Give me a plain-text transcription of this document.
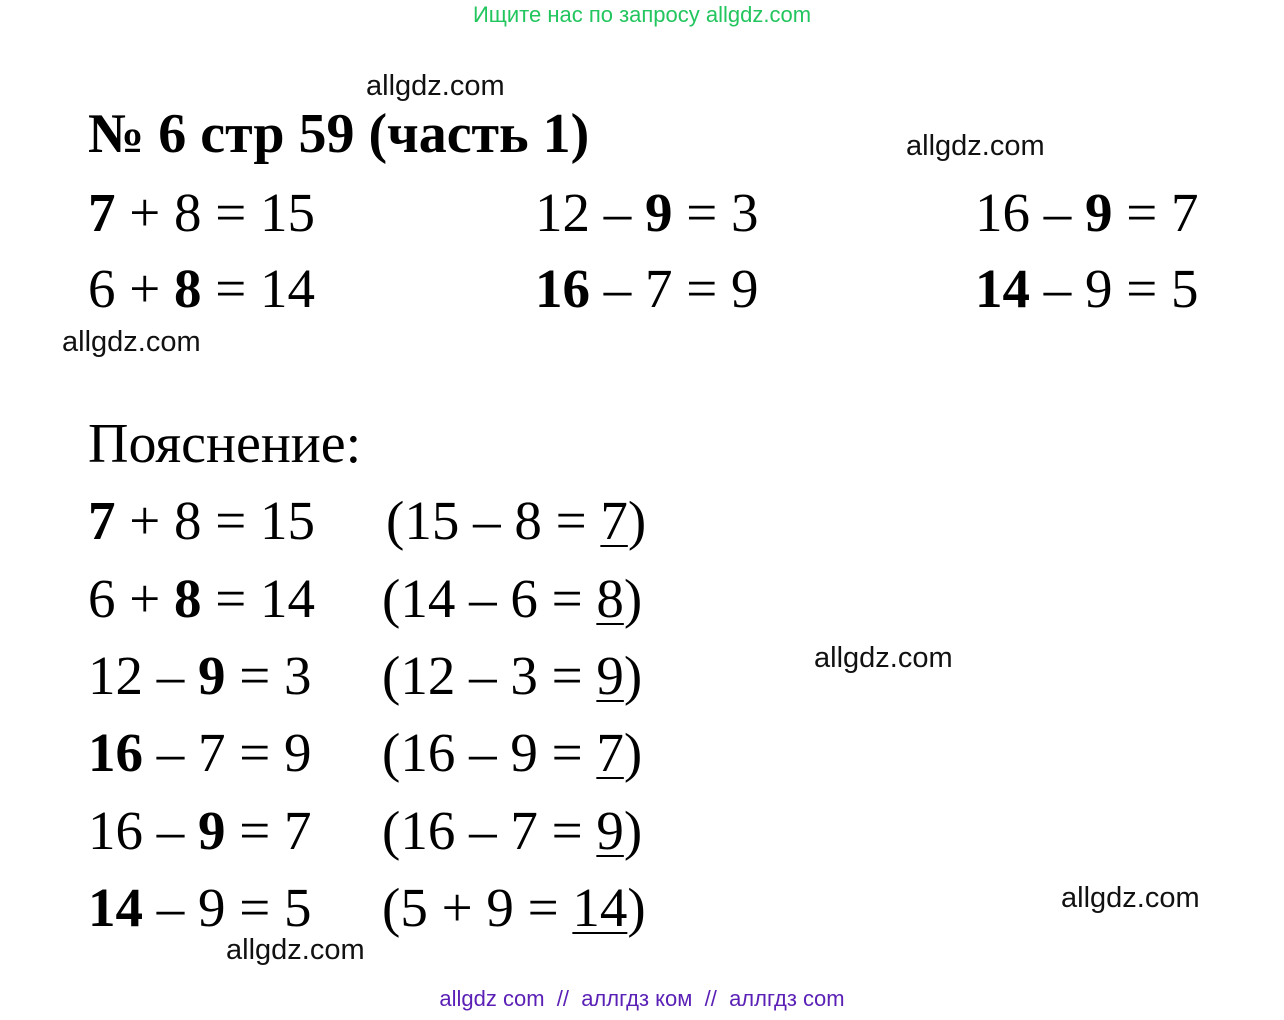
Ищите нас по запросу allgdz.com
allgdz.com
allgdz.com
allgdz.com
allgdz.com
allgdz.com
allgdz.com
№ 6 стр 59 (часть 1)
7 + 8 = 15
6 + 8 = 14
12 – 9 = 3
16 – 7 = 9
16 – 9 = 7
14 – 9 = 5
Пояснение:
7 + 8 = 15 (15 – 8 = 7)
6 + 8 = 14 (14 – 6 = 8)
12 – 9 = 3 (12 – 3 = 9)
16 – 7 = 9 (16 – 9 = 7)
16 – 9 = 7 (16 – 7 = 9)
14 – 9 = 5 (5 + 9 = 14)
allgdz com  //  аллгдз ком  //  аллгдз com
